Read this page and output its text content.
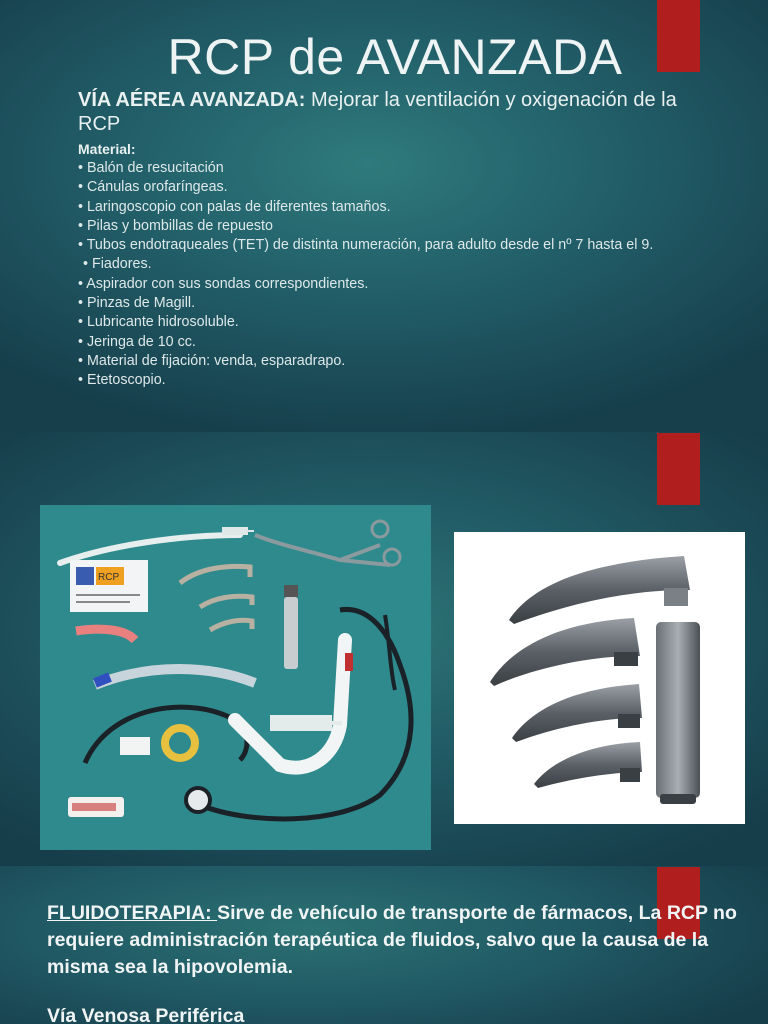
RCP de AVANZADA
VÍA AÉREA AVANZADA: Mejorar la ventilación y oxigenación de la RCP
Material:
• Balón de resucitación
• Cánulas orofaríngeas.
• Laringoscopio con palas de diferentes tamaños.
• Pilas y bombillas de repuesto
• Tubos endotraquealеs (TET) de distinta numeración, para adulto desde el nº 7 hasta el 9.
• Fiadores.
• Aspirador con sus sondas correspondientes.
• Pinzas de Magill.
• Lubricante hidrosoluble.
• Jeringa de 10 cc.
• Material de fijación: venda, esparadrapo.
• Etetoscopio.
RCP
FLUIDOTERAPIA: Sirve de vehículo de transporte de fármacos, La RCP no requiere administración terapéutica de fluidos, salvo que la causa de la misma sea la hipovolemia.
Vía Venosa Periférica
